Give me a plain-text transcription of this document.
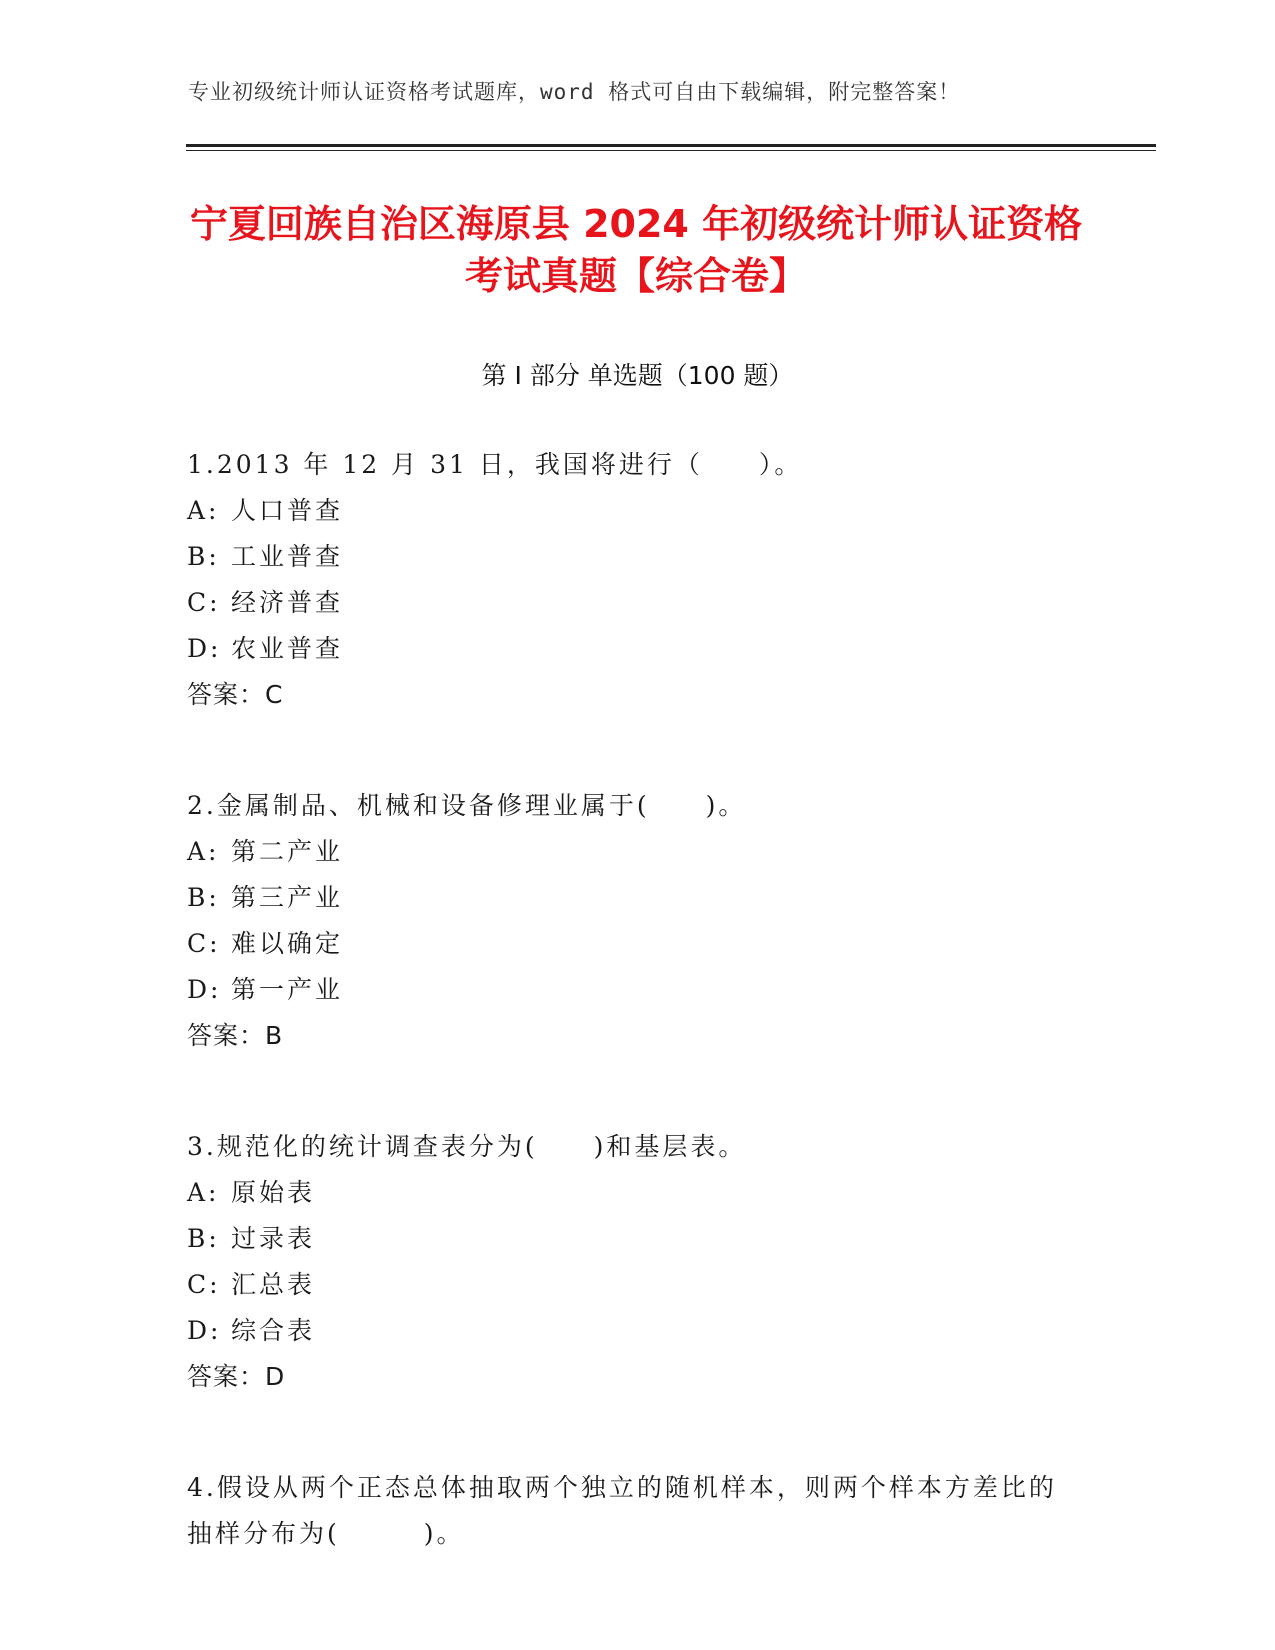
专业初级统计师认证资格考试题库，word 格式可自由下载编辑，附完整答案！
宁夏回族自治区海原县 2024 年初级统计师认证资格考试真题【综合卷】
第 I 部分 单选题（100 题）
1.2013 年 12 月 31 日，我国将进行（　　）。
A: 人口普查
B: 工业普查
C: 经济普查
D: 农业普查
答案：C
2.金属制品、机械和设备修理业属于(　　)。
A: 第二产业
B: 第三产业
C: 难以确定
D: 第一产业
答案：B
3.规范化的统计调查表分为(　　)和基层表。
A: 原始表
B: 过录表
C: 汇总表
D: 综合表
答案：D
4.假设从两个正态总体抽取两个独立的随机样本，则两个样本方差比的抽样分布为(　　　)。
